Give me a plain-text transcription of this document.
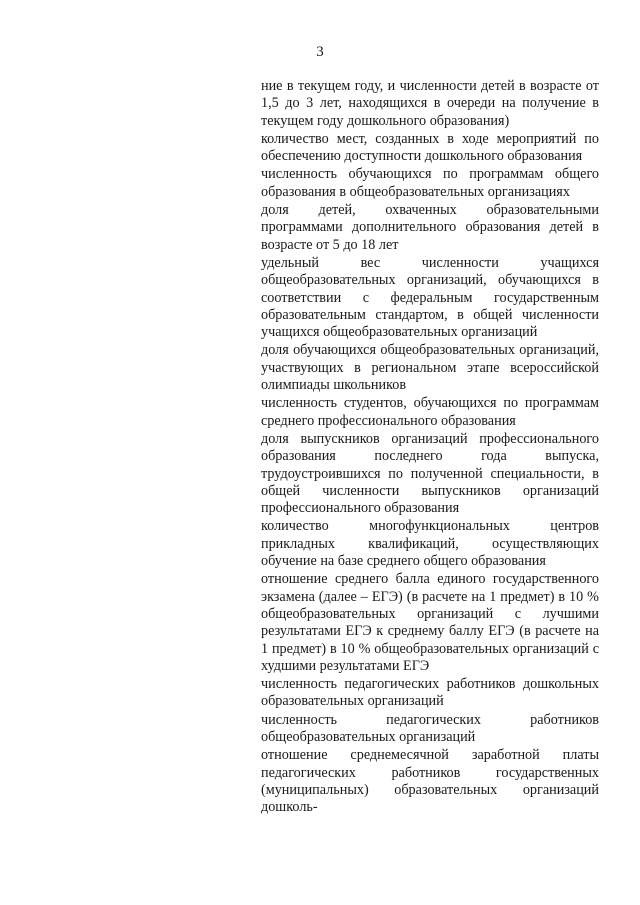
3

ние в текущем году, и численности детей в возрасте от 1,5 до 3 лет, находящихся в очереди на получение в текущем году дошкольного образования)

количество мест, созданных в ходе мероприятий по обеспечению доступности дошкольного образования

численность обучающихся по программам общего образования в общеобразовательных организациях

доля детей, охваченных образовательными программами дополнительного образования детей в возрасте от 5 до 18 лет

удельный вес численности учащихся общеобразовательных организаций, обучающихся в соответствии с федеральным государственным образовательным стандартом, в общей численности учащихся общеобразовательных организаций

доля обучающихся общеобразовательных организаций, участвующих в региональном этапе всероссийской олимпиады школьников

численность студентов, обучающихся по программам среднего профессионального образования

доля выпускников организаций профессионального образования последнего года выпуска, трудоустроившихся по полученной специальности, в общей численности выпускников организаций профессионального образования

количество многофункциональных центров прикладных квалификаций, осуществляющих обучение на базе среднего общего образования

отношение среднего балла единого государственного экзамена (далее – ЕГЭ) (в расчете на 1 предмет) в 10 % общеобразовательных организаций с лучшими результатами ЕГЭ к среднему баллу ЕГЭ (в расчете на 1 предмет) в 10 % общеобразовательных организаций с худшими результатами ЕГЭ

численность педагогических работников дошкольных образовательных организаций

численность педагогических работников общеобразовательных организаций

отношение среднемесячной заработной платы педагогических работников государственных (муниципальных) образовательных организаций дошколь-
